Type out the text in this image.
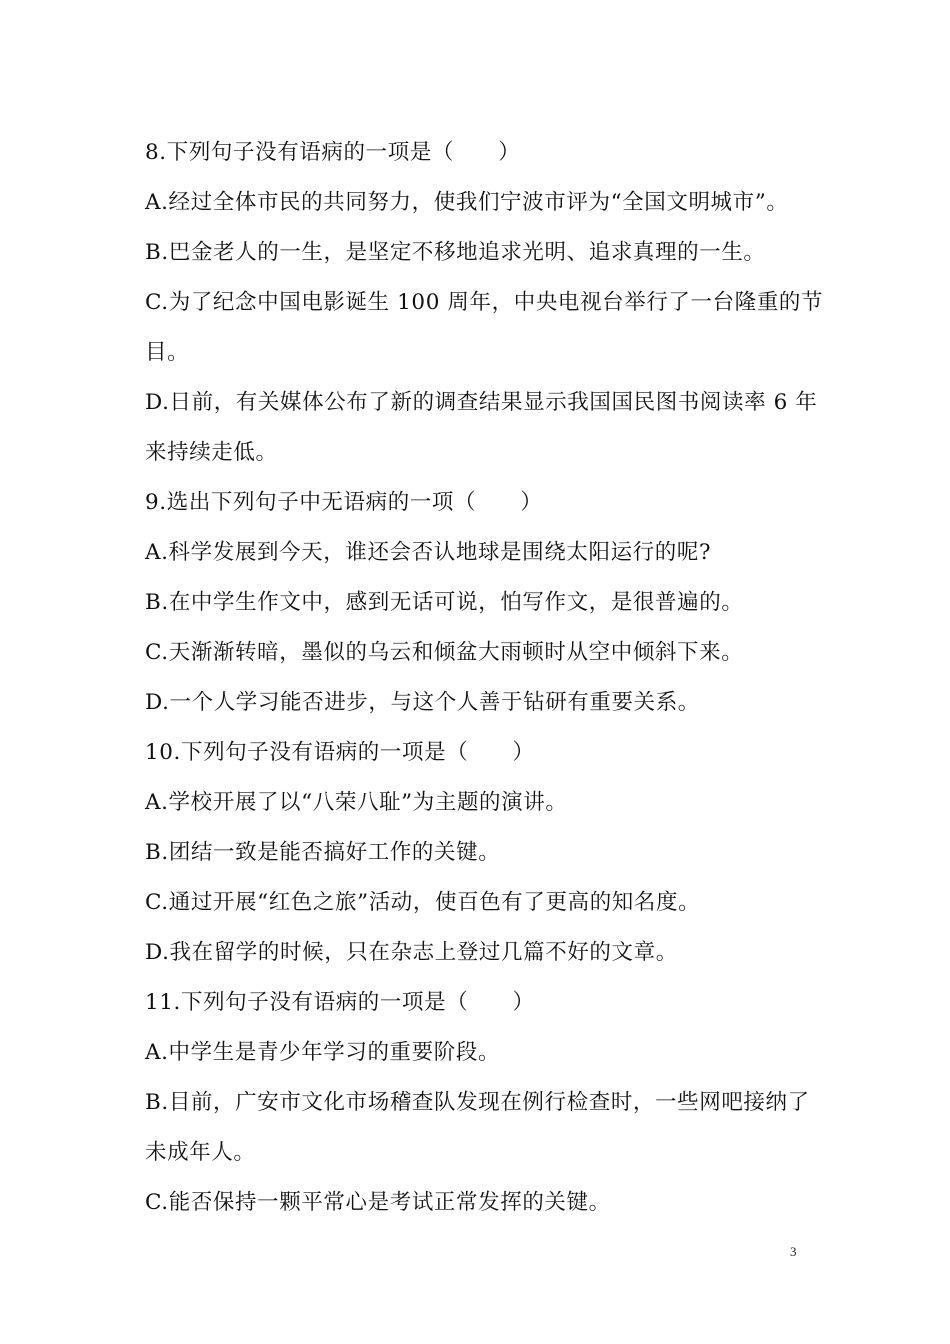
8.下列句子没有语病的一项是（　　）
A.经过全体市民的共同努力，使我们宁波市评为“全国文明城市”。
B.巴金老人的一生，是坚定不移地追求光明、追求真理的一生。
C.为了纪念中国电影诞生 100 周年，中央电视台举行了一台隆重的节
目。
D.日前，有关媒体公布了新的调查结果显示我国国民图书阅读率 6 年
来持续走低。
9.选出下列句子中无语病的一项（　　）
A.科学发展到今天，谁还会否认地球是围绕太阳运行的呢?
B.在中学生作文中，感到无话可说，怕写作文，是很普遍的。
C.天渐渐转暗，墨似的乌云和倾盆大雨顿时从空中倾斜下来。
D.一个人学习能否进步，与这个人善于钻研有重要关系。
10.下列句子没有语病的一项是（　　）
A.学校开展了以“八荣八耻”为主题的演讲。
B.团结一致是能否搞好工作的关键。
C.通过开展“红色之旅”活动，使百色有了更高的知名度。
D.我在留学的时候，只在杂志上登过几篇不好的文章。
11.下列句子没有语病的一项是（　　）
A.中学生是青少年学习的重要阶段。
B.目前，广安市文化市场稽查队发现在例行检查时，一些网吧接纳了
未成年人。
C.能否保持一颗平常心是考试正常发挥的关键。
3
